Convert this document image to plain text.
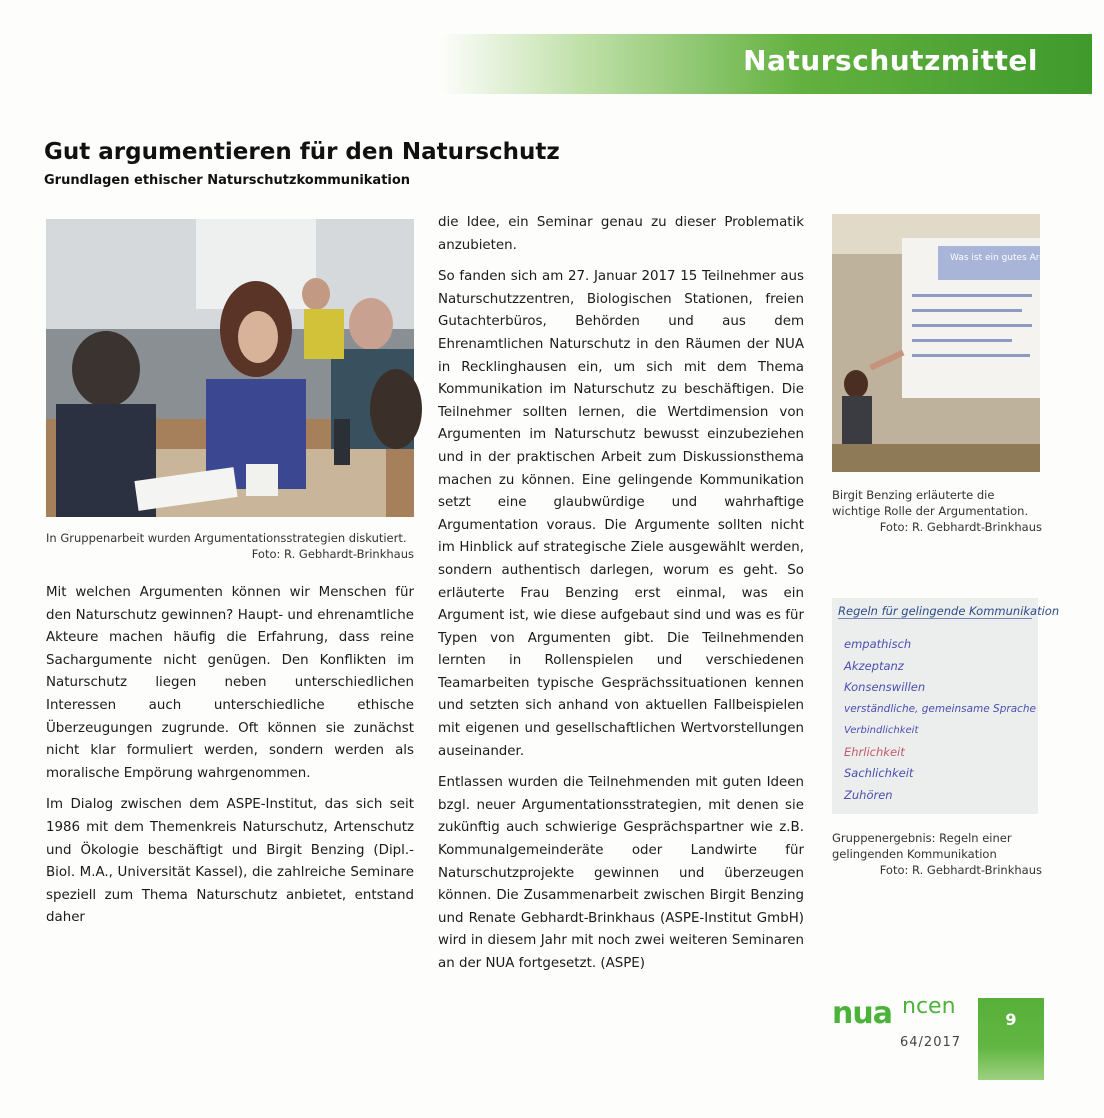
Naturschutzmittel
Gut argumentieren für den Naturschutz
Grundlagen ethischer Naturschutzkommunikation
In Gruppenarbeit wurden Argumentationsstrategien diskutiert.
Foto: R. Gebhardt-Brinkhaus
Was ist ein gutes Argument? (1
Birgit Benzing erläuterte die wichtige Rolle der Argumentation.
Foto: R. Gebhardt-Brinkhaus
Regeln für gelingende Kommunikation
empathisch
Akzeptanz
Konsenswillen
verständliche, gemeinsame Sprache
Verbindlichkeit
Ehrlichkeit
Sachlichkeit
Zuhören
Gruppenergebnis: Regeln einer gelingenden Kommunikation
Foto: R. Gebhardt-Brinkhaus

Mit welchen Argumenten können wir Menschen für den Naturschutz gewinnen? Haupt- und ehrenamtliche Akteure machen häufig die Erfahrung, dass reine Sachargumente nicht genügen. Den Konflikten im Naturschutz liegen neben unterschiedlichen Interessen auch unterschiedliche ethische Überzeugungen zugrunde. Oft können sie zunächst nicht klar formuliert werden, sondern werden als moralische Empörung wahrgenommen.

Im Dialog zwischen dem ASPE-Institut, das sich seit 1986 mit dem Themenkreis Naturschutz, Artenschutz und Ökologie beschäftigt und Birgit Benzing (Dipl.-Biol. M.A., Universität Kassel), die zahlreiche Seminare speziell zum Thema Naturschutz anbietet, entstand daher

die Idee, ein Seminar genau zu dieser Problematik anzubieten.

So fanden sich am 27. Januar 2017 15 Teilnehmer aus Naturschutzzentren, Biologischen Stationen, freien Gutachterbüros, Behörden und aus dem Ehrenamtlichen Naturschutz in den Räumen der NUA in Recklinghausen ein, um sich mit dem Thema Kommunikation im Naturschutz zu beschäftigen. Die Teilnehmer sollten lernen, die Wertdimension von Argumenten im Naturschutz bewusst einzubeziehen und in der praktischen Arbeit zum Diskussionsthema machen zu können. Eine gelingende Kommunikation setzt eine glaubwürdige und wahrhaftige Argumentation voraus. Die Argumente sollten nicht im Hinblick auf strategische Ziele ausgewählt werden, sondern authentisch darlegen, worum es geht. So erläuterte Frau Benzing erst einmal, was ein Argument ist, wie diese aufgebaut sind und was es für Typen von Argumenten gibt. Die Teilnehmenden lernten in Rollenspielen und verschiedenen Teamarbeiten typische Gesprächssituationen kennen und setzten sich anhand von aktuellen Fallbeispielen mit eigenen und gesellschaftlichen Wertvorstellungen auseinander.

Entlassen wurden die Teilnehmenden mit guten Ideen bzgl. neuer Argumentationsstrategien, mit denen sie zukünftig auch schwierige Gesprächspartner wie z.B. Kommunalgemeinderäte oder Landwirte für Naturschutzprojekte gewinnen und überzeugen können. Die Zusammenarbeit zwischen Birgit Benzing und Renate Gebhardt-Brinkhaus (ASPE-Institut GmbH) wird in diesem Jahr mit noch zwei weiteren Seminaren an der NUA fortgesetzt. (ASPE)

nua ncen
64/2017
9
